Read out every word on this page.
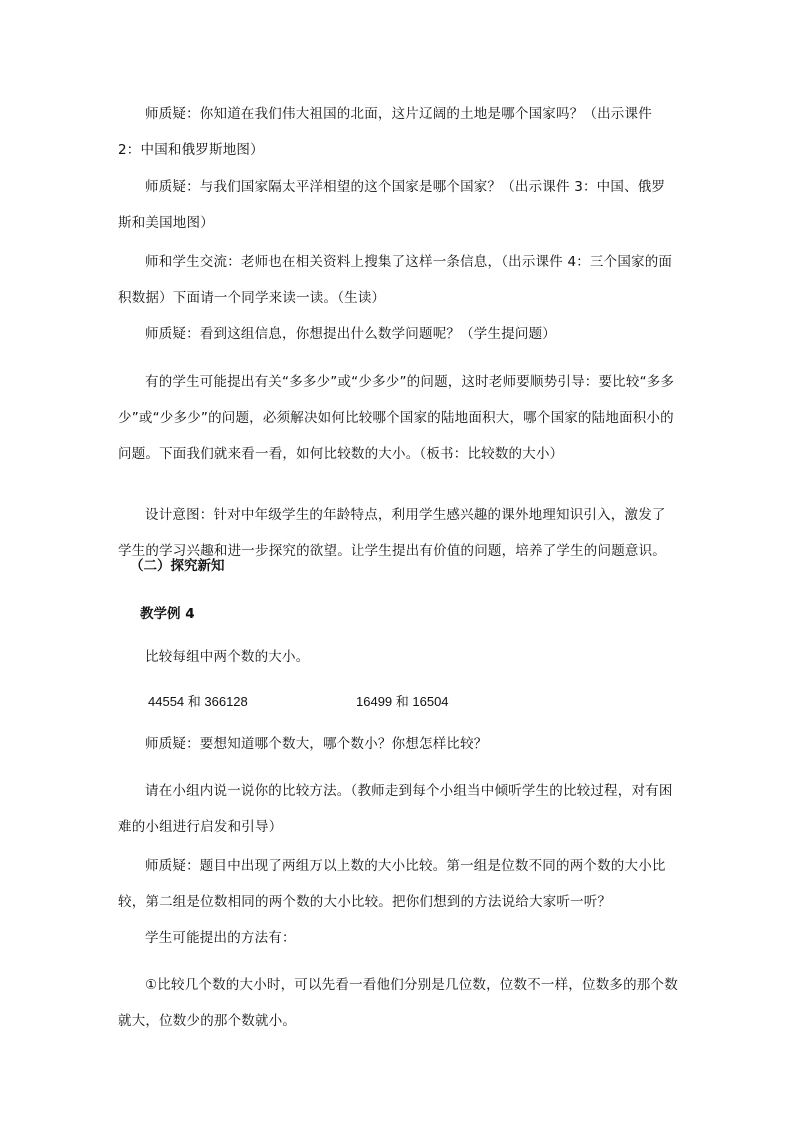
师质疑：你知道在我们伟大祖国的北面，这片辽阔的土地是哪个国家吗？（出示课件 2：中国和俄罗斯地图）
师质疑：与我们国家隔太平洋相望的这个国家是哪个国家？（出示课件 3：中国、俄罗斯和美国地图）
师和学生交流：老师也在相关资料上搜集了这样一条信息，（出示课件 4：三个国家的面积数据）下面请一个同学来读一读。（生读）
师质疑：看到这组信息，你想提出什么数学问题呢？（学生提问题）
有的学生可能提出有关“多多少”或“少多少”的问题，这时老师要顺势引导：要比较“多多少”或“少多少”的问题，必须解决如何比较哪个国家的陆地面积大，哪个国家的陆地面积小的问题。下面我们就来看一看，如何比较数的大小。（板书：比较数的大小）
设计意图：针对中年级学生的年龄特点，利用学生感兴趣的课外地理知识引入，激发了学生的学习兴趣和进一步探究的欲望。让学生提出有价值的问题，培养了学生的问题意识。
（二）探究新知
教学例 4
比较每组中两个数的大小。
44554 和 366128	16499 和 16504
师质疑：要想知道哪个数大，哪个数小？你想怎样比较？
请在小组内说一说你的比较方法。（教师走到每个小组当中倾听学生的比较过程，对有困难的小组进行启发和引导）
师质疑：题目中出现了两组万以上数的大小比较。第一组是位数不同的两个数的大小比较，第二组是位数相同的两个数的大小比较。把你们想到的方法说给大家听一听？
学生可能提出的方法有：
①比较几个数的大小时，可以先看一看他们分别是几位数，位数不一样，位数多的那个数就大，位数少的那个数就小。
